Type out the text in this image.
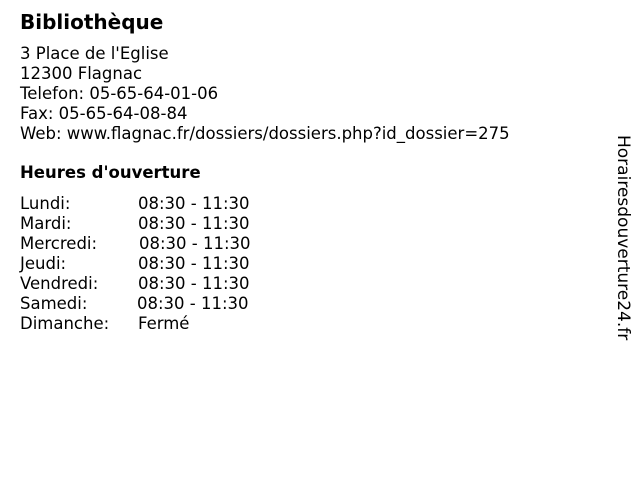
Bibliothèque
3 Place de l'Eglise
12300 Flagnac
Telefon: 05-65-64-01-06
Fax: 05-65-64-08-84
Web: www.flagnac.fr/dossiers/dossiers.php?id_dossier=275
Heures d'ouverture
Lundi:	08:30 - 11:30
Mardi:	08:30 - 11:30
Mercredi:	08:30 - 11:30
Jeudi:	08:30 - 11:30
Vendredi: 08:30 - 11:30
Samedi:	08:30 - 11:30
Dimanche: Fermé	Horairesdouverture24.fr
